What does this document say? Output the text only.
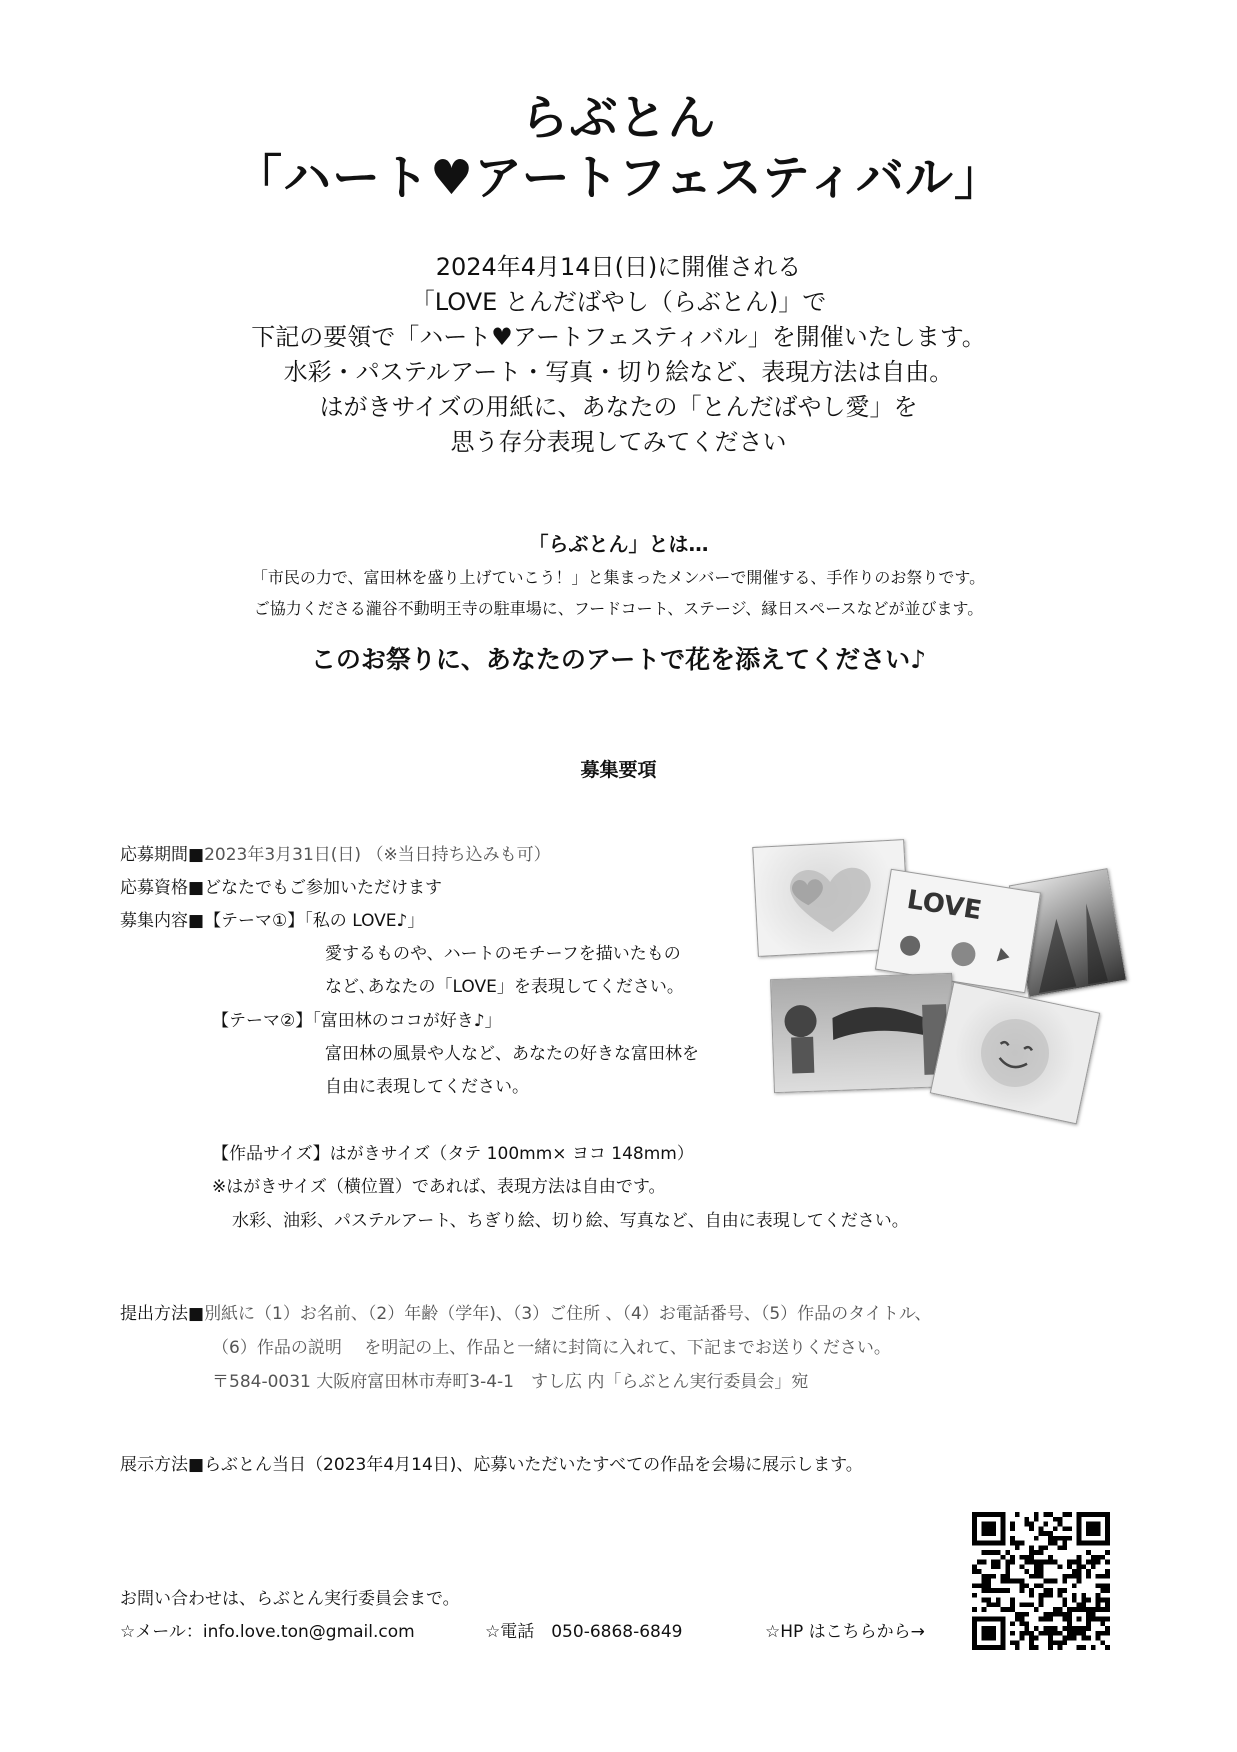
らぶとん
「ハート♥アートフェスティバル」
2024年4月14日(日)に開催される
「LOVE とんだばやし（らぶとん)」で
下記の要領で「ハート♥アートフェスティバル」を開催いたします。
水彩・パステルアート・写真・切り絵など、表現方法は自由。
はがきサイズの用紙に、あなたの「とんだばやし愛」を
思う存分表現してみてください
「らぶとん」とは…
「市民の力で、富田林を盛り上げていこう！」と集まったメンバーで開催する、手作りのお祭りです。
ご協力くださる瀧谷不動明王寺の駐車場に、フードコート、ステージ、縁日スペースなどが並びます。
このお祭りに、あなたのアートで花を添えてください♪
募集要項
応募期間■2023年3月31日(日) （※当日持ち込みも可）
応募資格■どなたでもご参加いただけます
募集内容■【テーマ①】「私の LOVE♪」
愛するものや、ハートのモチーフを描いたもの
など､あなたの「LOVE」を表現してください。
【テーマ②】「富田林のココが好き♪」
富田林の風景や人など、あなたの好きな富田林を
自由に表現してください。
【作品サイズ】はがきサイズ（タテ 100mm× ヨコ 148mm）
※はがきサイズ（横位置）であれば、表現方法は自由です。
水彩、油彩、パステルアート、ちぎり絵、切り絵、写真など、自由に表現してください。
提出方法■別紙に（1）お名前、（2）年齢（学年)、（3）ご住所 、（4）お電話番号、（5）作品のタイトル、
（6）作品の説明　 を明記の上、作品と一緒に封筒に入れて、下記までお送りください。
〒584-0031 大阪府富田林市寿町3-4-1　すし広 内「らぶとん実行委員会」宛
展示方法■らぶとん当日（2023年4月14日)、応募いただいたすべての作品を会場に展示します。
お問い合わせは、らぶとん実行委員会まで。
☆メール：info.love.ton@gmail.com	☆電話　050-6868-6849	☆HP はこちらから→
LOVE
